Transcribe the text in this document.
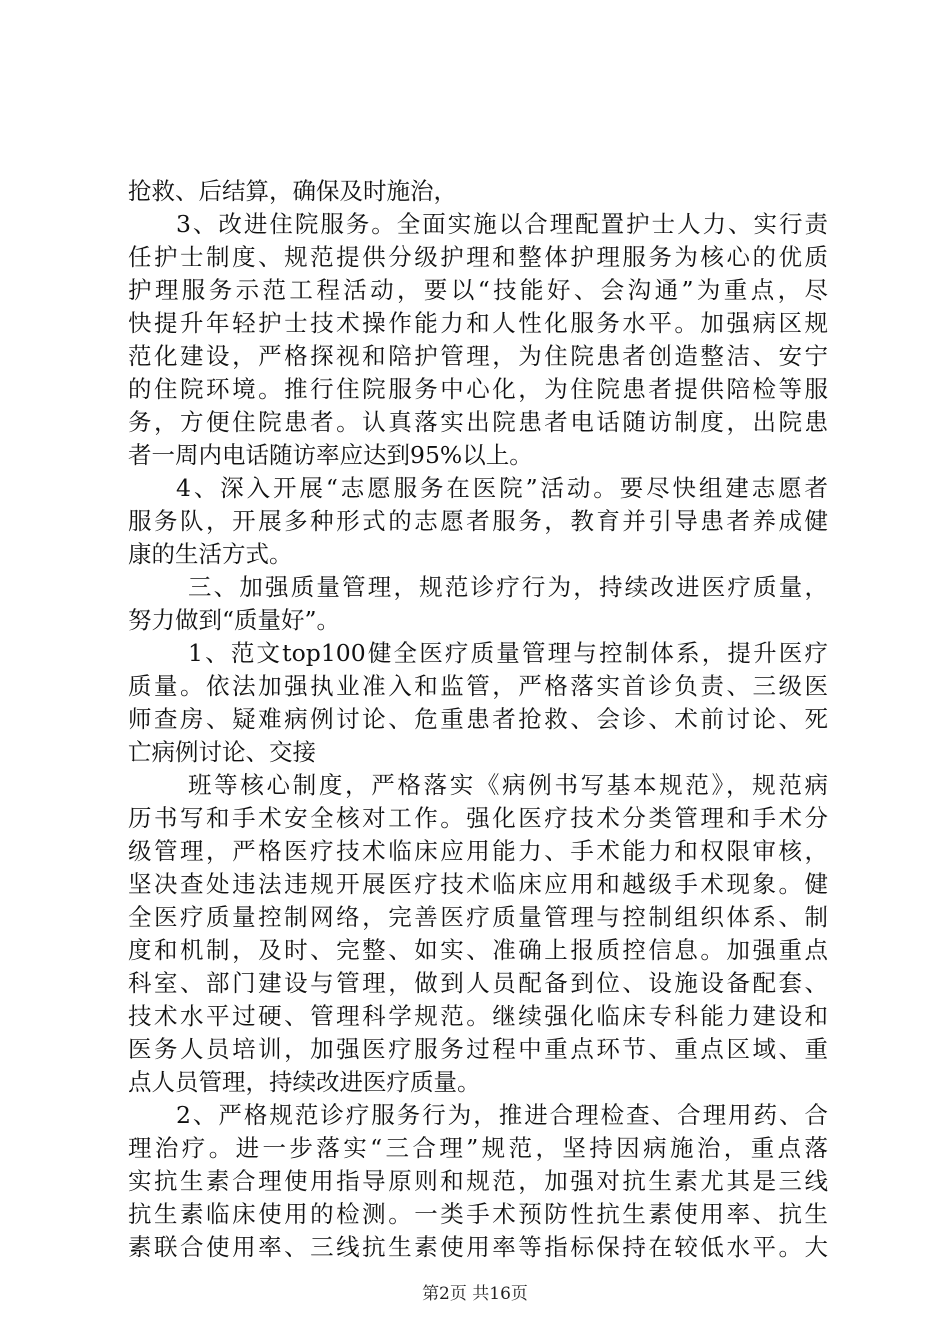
抢救、后结算，确保及时施治，
3、改进住院服务。全面实施以合理配置护士人力、实行责
任护士制度、规范提供分级护理和整体护理服务为核心的优质
护理服务示范工程活动，要以“技能好、会沟通”为重点，尽
快提升年轻护士技术操作能力和人性化服务水平。加强病区规
范化建设，严格探视和陪护管理，为住院患者创造整洁、安宁
的住院环境。推行住院服务中心化，为住院患者提供陪检等服
务，方便住院患者。认真落实出院患者电话随访制度，出院患
者一周内电话随访率应达到95%以上。
4、深入开展“志愿服务在医院”活动。要尽快组建志愿者
服务队，开展多种形式的志愿者服务，教育并引导患者养成健
康的生活方式。
三、加强质量管理，规范诊疗行为，持续改进医疗质量，
努力做到“质量好”。
1、范文top100健全医疗质量管理与控制体系，提升医疗
质量。依法加强执业准入和监管，严格落实首诊负责、三级医
师查房、疑难病例讨论、危重患者抢救、会诊、术前讨论、死
亡病例讨论、交接
班等核心制度，严格落实《病例书写基本规范》，规范病
历书写和手术安全核对工作。强化医疗技术分类管理和手术分
级管理，严格医疗技术临床应用能力、手术能力和权限审核，
坚决查处违法违规开展医疗技术临床应用和越级手术现象。健
全医疗质量控制网络，完善医疗质量管理与控制组织体系、制
度和机制，及时、完整、如实、准确上报质控信息。加强重点
科室、部门建设与管理，做到人员配备到位、设施设备配套、
技术水平过硬、管理科学规范。继续强化临床专科能力建设和
医务人员培训，加强医疗服务过程中重点环节、重点区域、重
点人员管理，持续改进医疗质量。
2、严格规范诊疗服务行为，推进合理检查、合理用药、合
理治疗。进一步落实“三合理”规范，坚持因病施治，重点落
实抗生素合理使用指导原则和规范，加强对抗生素尤其是三线
抗生素临床使用的检测。一类手术预防性抗生素使用率、抗生
素联合使用率、三线抗生素使用率等指标保持在较低水平。大
第2页 共16页
